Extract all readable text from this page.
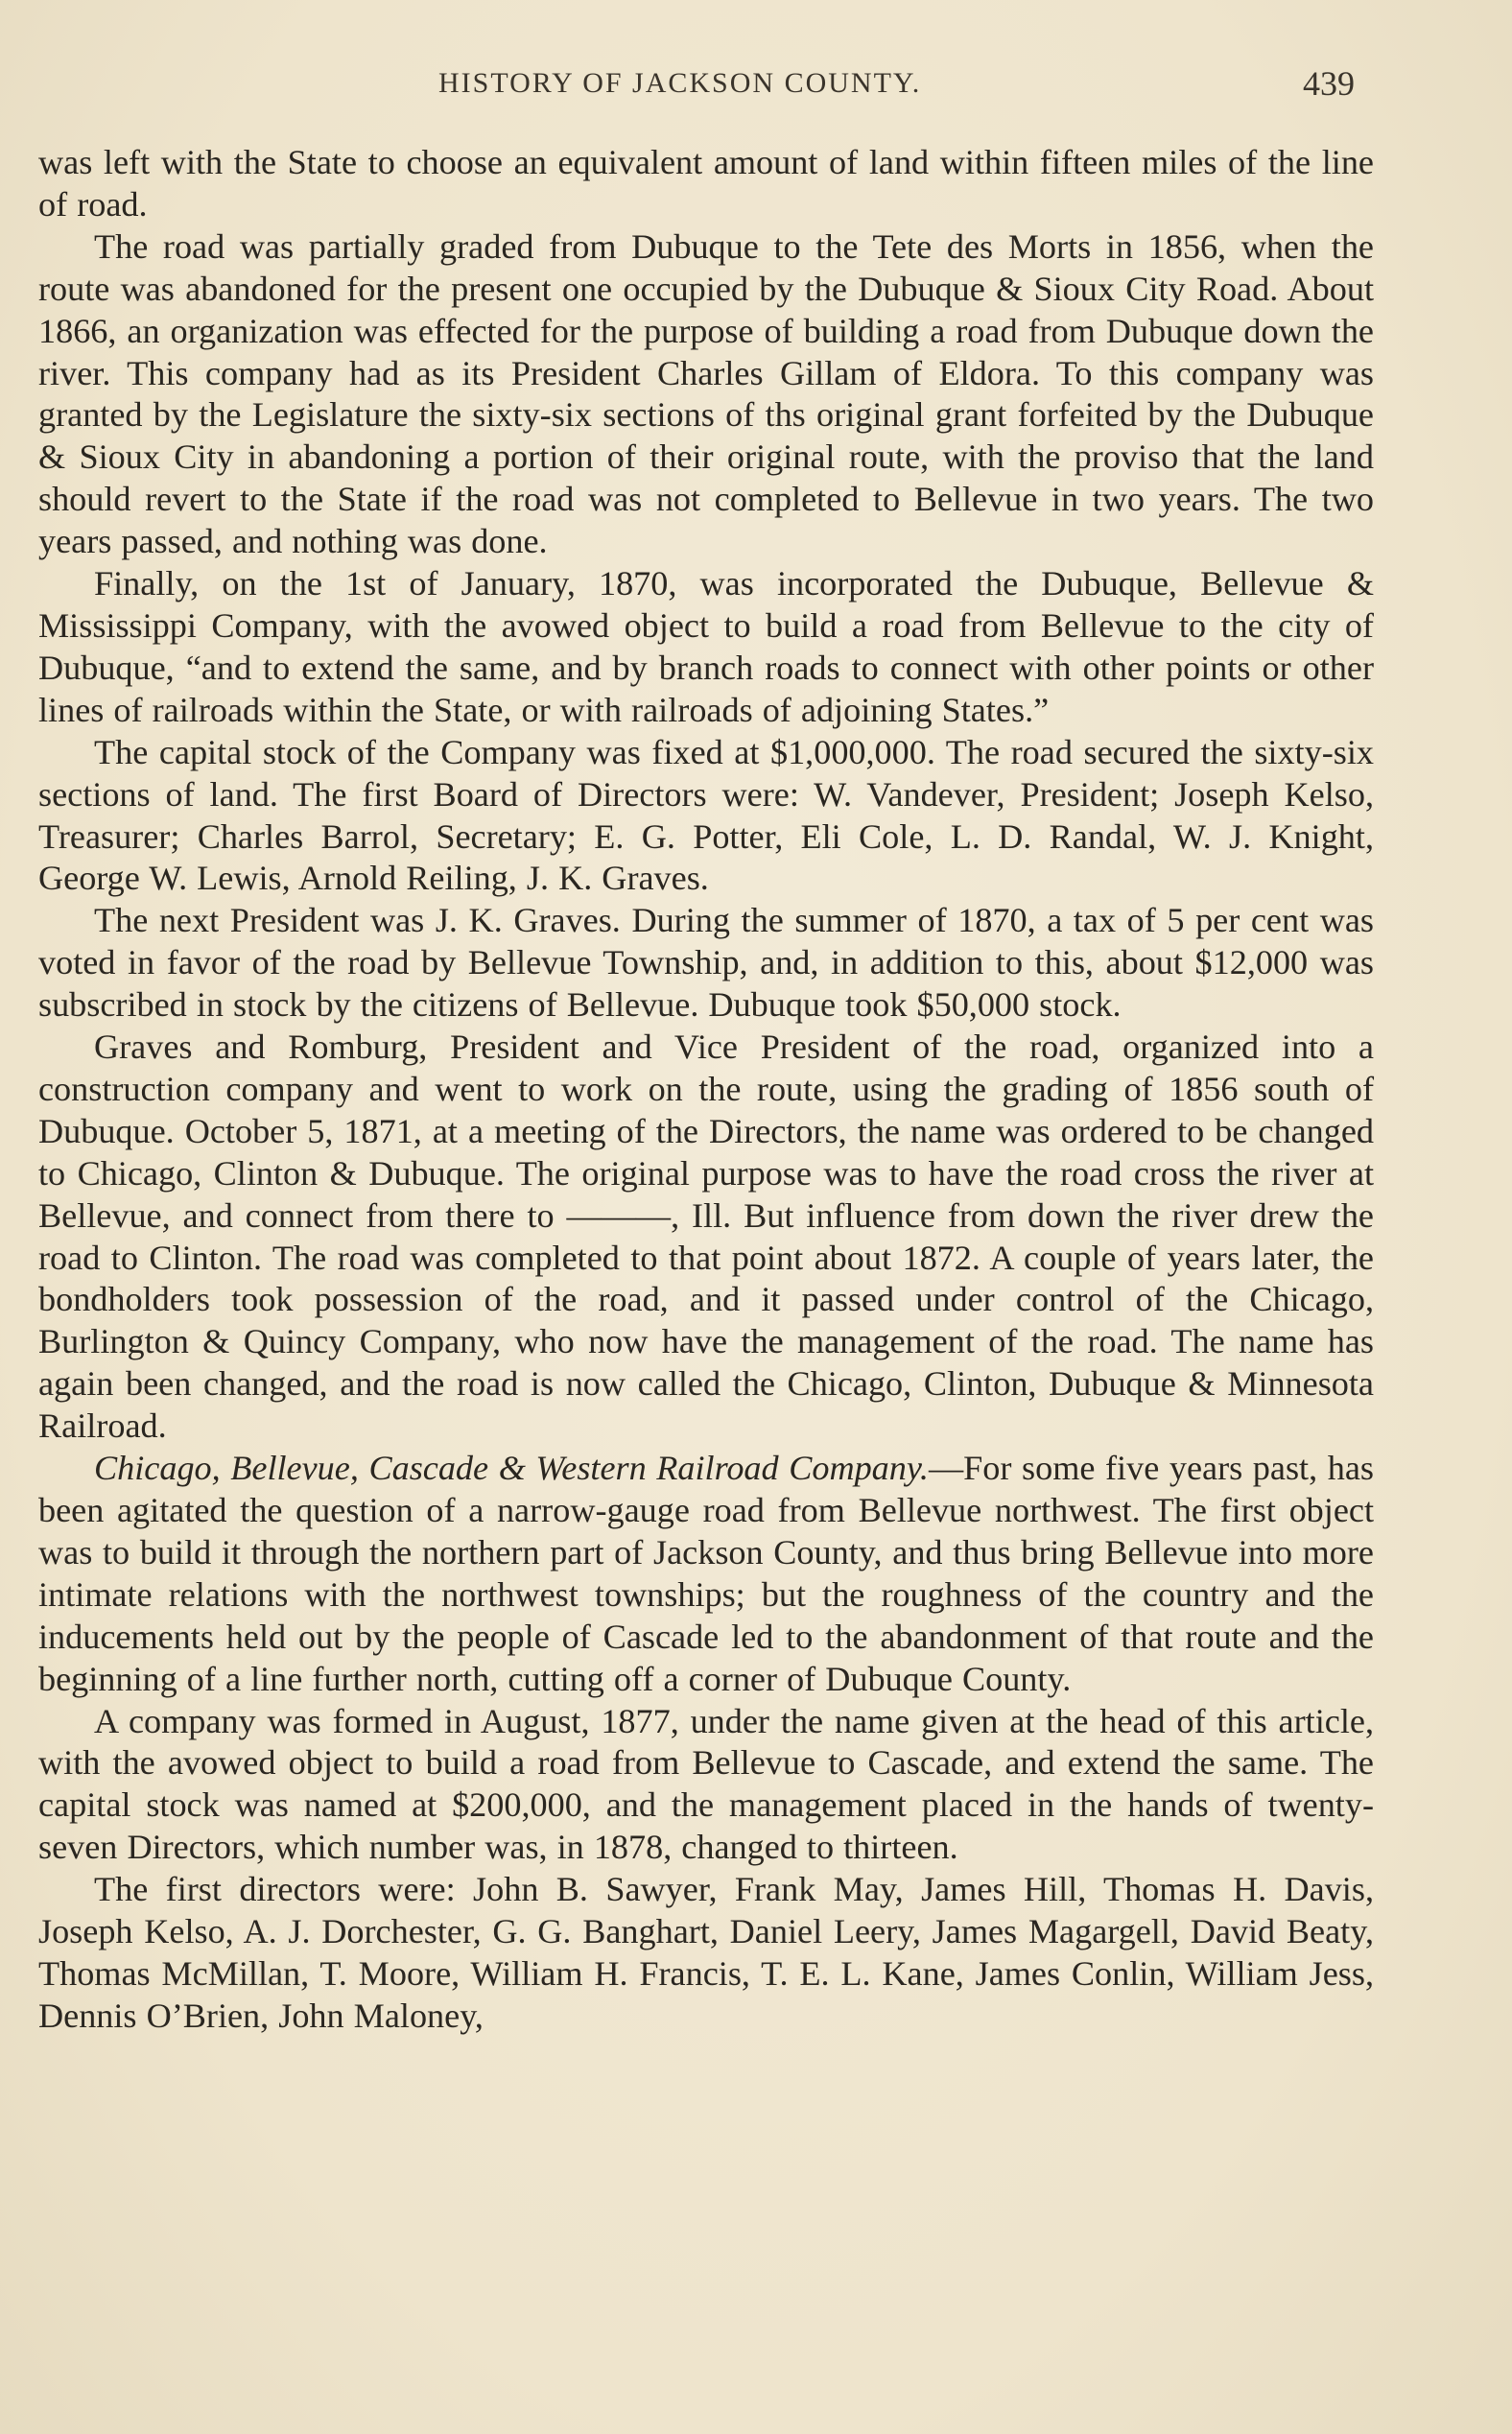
HISTORY OF JACKSON COUNTY.	439

was left with the State to choose an equivalent amount of land within fifteen miles of the line of road.

The road was partially graded from Dubuque to the Tete des Morts in 1856, when the route was abandoned for the present one occupied by the Dubuque & Sioux City Road. About 1866, an organization was effected for the purpose of building a road from Dubuque down the river. This company had as its President Charles Gillam of Eldora. To this company was granted by the Legislature the sixty-six sections of ths original grant forfeited by the Dubuque & Sioux City in abandoning a portion of their original route, with the proviso that the land should revert to the State if the road was not completed to Bellevue in two years. The two years passed, and nothing was done.

Finally, on the 1st of January, 1870, was incorporated the Dubuque, Bellevue & Mississippi Company, with the avowed object to build a road from Bellevue to the city of Dubuque, “and to extend the same, and by branch roads to connect with other points or other lines of railroads within the State, or with railroads of adjoining States.”

The capital stock of the Company was fixed at $1,000,000. The road secured the sixty-six sections of land. The first Board of Directors were: W. Vandever, President; Joseph Kelso, Treasurer; Charles Barrol, Secretary; E. G. Potter, Eli Cole, L. D. Randal, W. J. Knight, George W. Lewis, Arnold Reiling, J. K. Graves.

The next President was J. K. Graves. During the summer of 1870, a tax of 5 per cent was voted in favor of the road by Bellevue Township, and, in addition to this, about $12,000 was subscribed in stock by the citizens of Bellevue. Dubuque took $50,000 stock.

Graves and Romburg, President and Vice President of the road, organized into a construction company and went to work on the route, using the grading of 1856 south of Dubuque. October 5, 1871, at a meeting of the Directors, the name was ordered to be changed to Chicago, Clinton & Dubuque. The original purpose was to have the road cross the river at Bellevue, and connect from there to ———, Ill. But influence from down the river drew the road to Clinton. The road was completed to that point about 1872. A couple of years later, the bondholders took possession of the road, and it passed under control of the Chicago, Burlington & Quincy Company, who now have the management of the road. The name has again been changed, and the road is now called the Chicago, Clinton, Dubuque & Minnesota Railroad.

Chicago, Bellevue, Cascade & Western Railroad Company.—For some five years past, has been agitated the question of a narrow-gauge road from Bellevue northwest. The first object was to build it through the northern part of Jackson County, and thus bring Bellevue into more intimate relations with the northwest townships; but the roughness of the country and the inducements held out by the people of Cascade led to the abandonment of that route and the beginning of a line further north, cutting off a corner of Dubuque County.

A company was formed in August, 1877, under the name given at the head of this article, with the avowed object to build a road from Bellevue to Cascade, and extend the same. The capital stock was named at $200,000, and the management placed in the hands of twenty-seven Directors, which number was, in 1878, changed to thirteen.

The first directors were: John B. Sawyer, Frank May, James Hill, Thomas H. Davis, Joseph Kelso, A. J. Dorchester, G. G. Banghart, Daniel Leery, James Magargell, David Beaty, Thomas McMillan, T. Moore, William H. Francis, T. E. L. Kane, James Conlin, William Jess, Dennis O’Brien, John Maloney,
